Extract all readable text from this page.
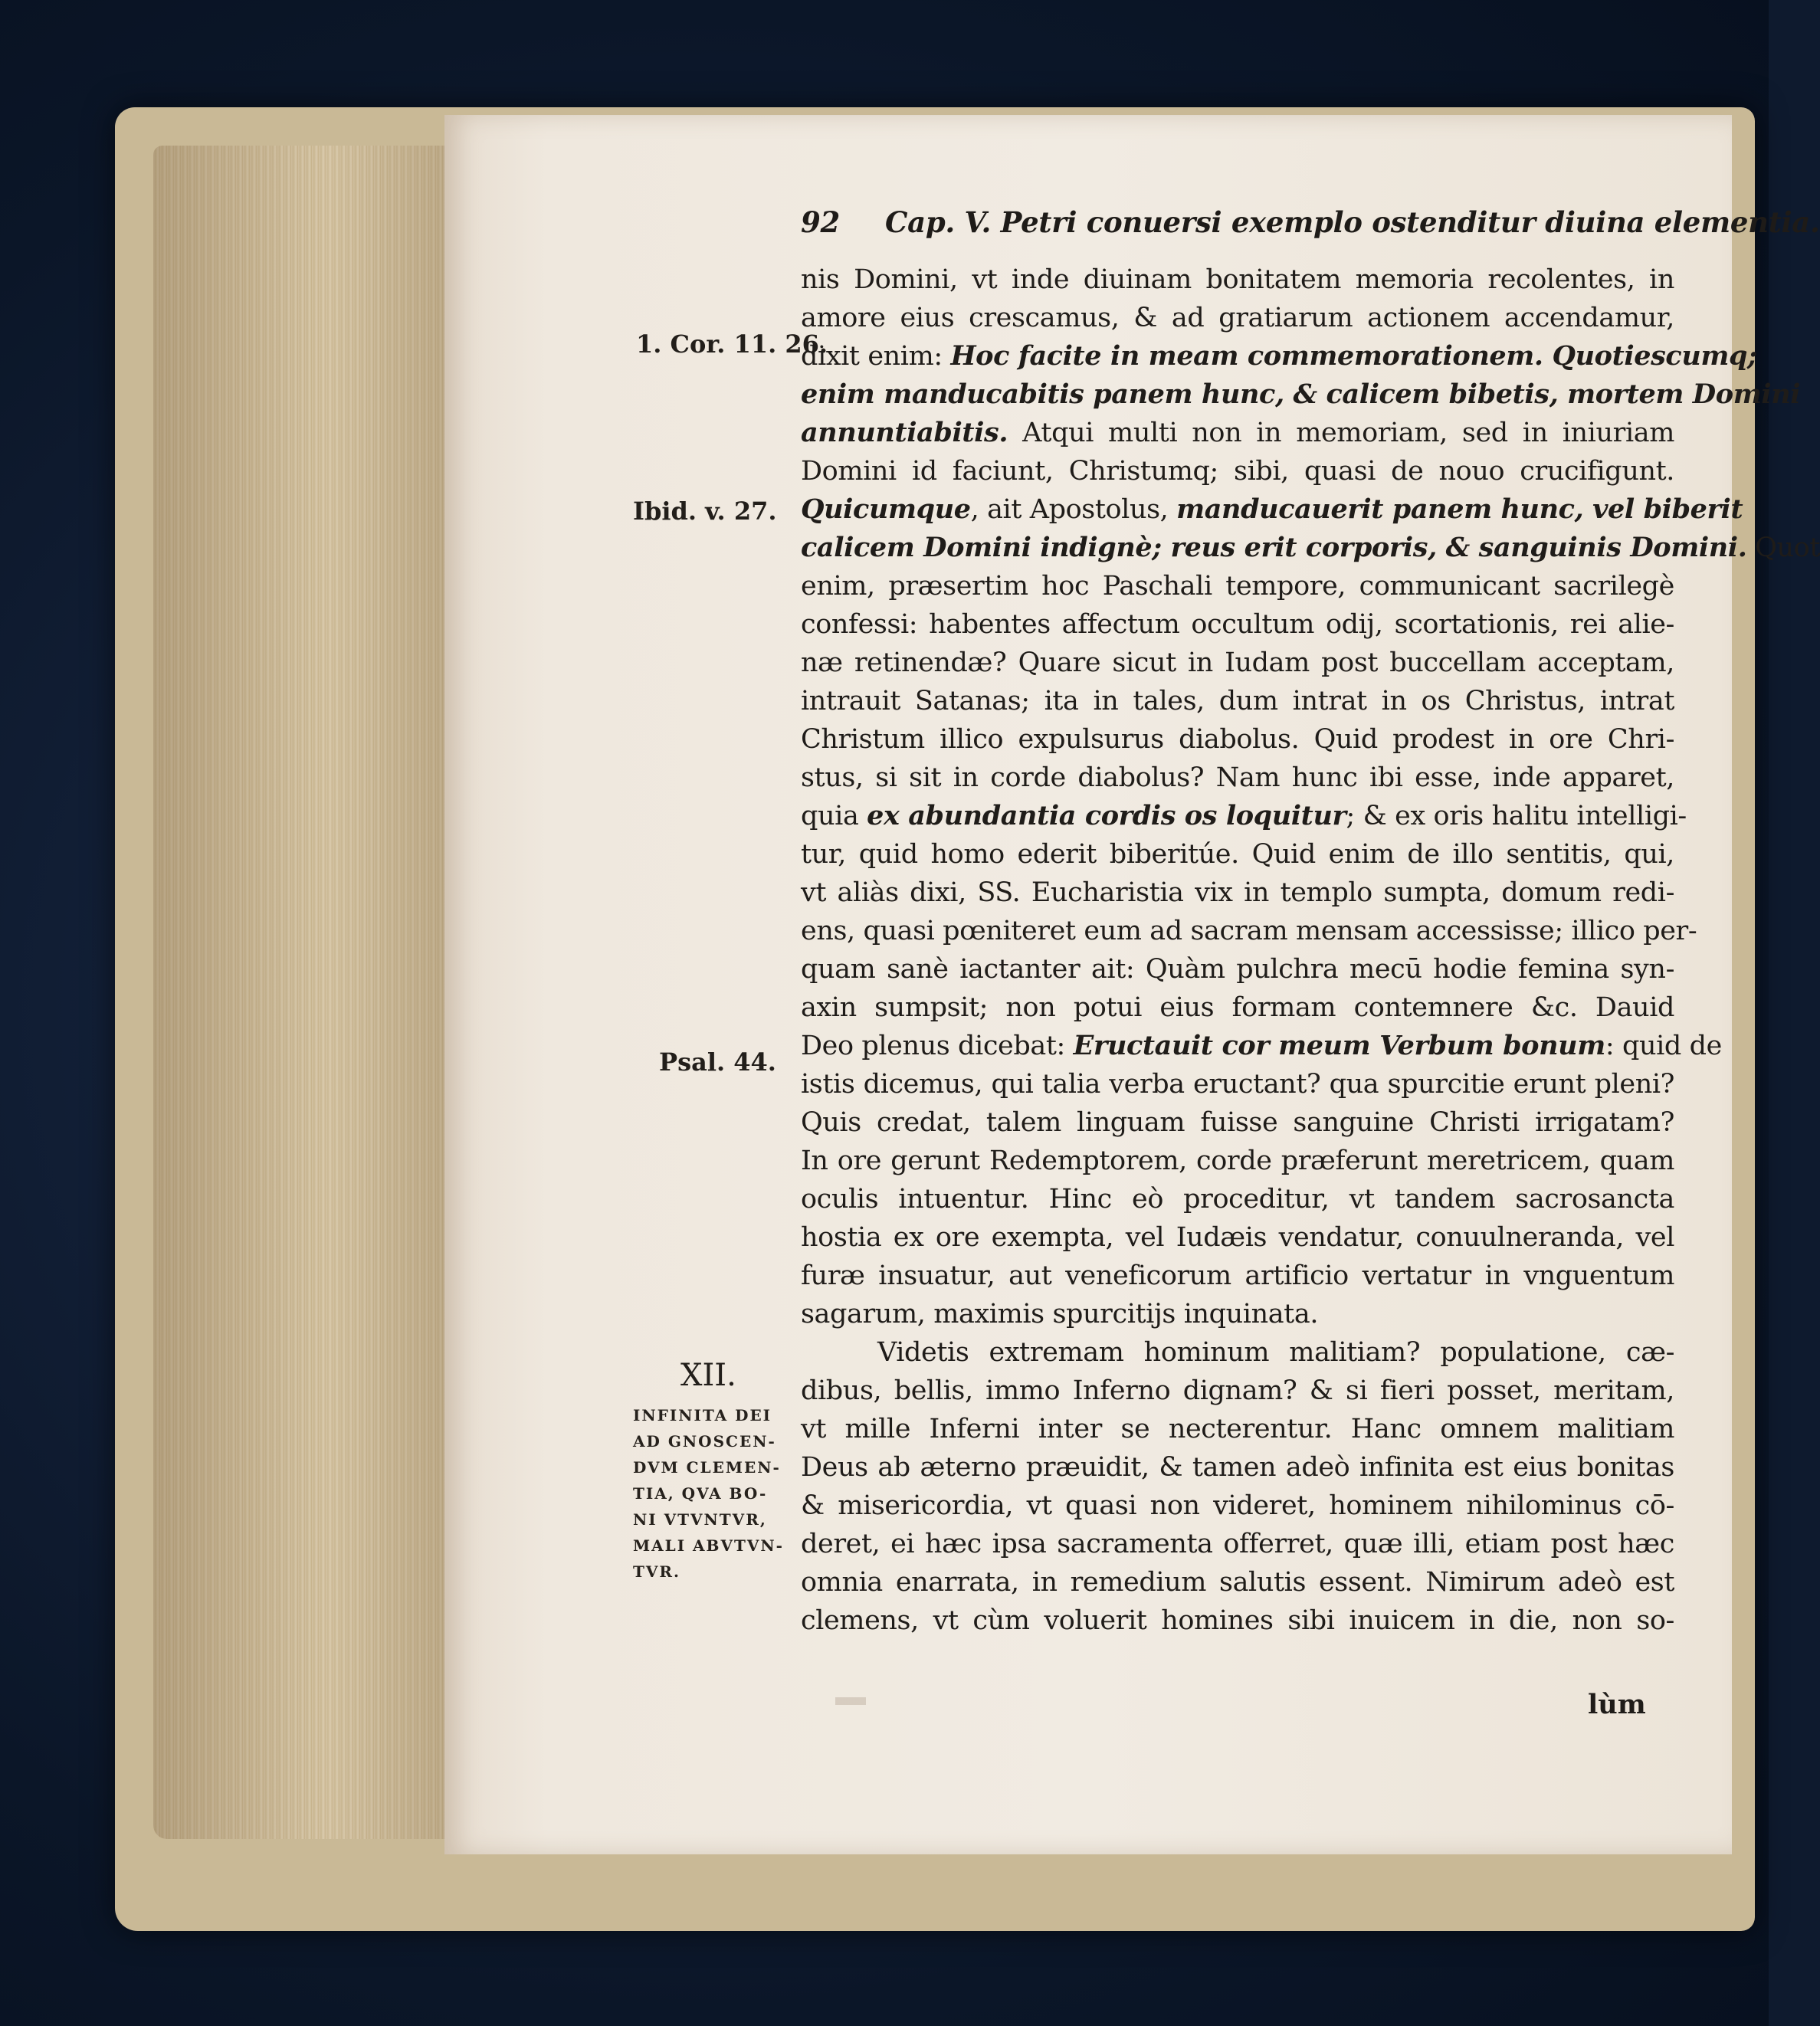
92 Cap. V. Petri conuersi exemplo ostenditur diuina elementia.
1. Cor. 11. 26.
Ibid. v. 27.
Psal. 44.
XII.
INFINITA DEI
AD GNOSCEN-
DVM CLEMEN-
TIA, QVA BO-
NI VTVNTVR,
MALI ABVTVN-
TVR.
nis Domini, vt inde diuinam bonitatem memoria recolentes, in
amore eius crescamus, & ad gratiarum actionem accendamur,
dixit enim: Hoc facite in meam commemorationem. Quotiescumq;
enim manducabitis panem hunc, & calicem bibetis, mortem Domini
annuntiabitis. Atqui multi non in memoriam, sed in iniuriam
Domini id faciunt, Christumq; sibi, quasi de nouo crucifigunt.
Quicumque, ait Apostolus, manducauerit panem hunc, vel biberit
calicem Domini indignè; reus erit corporis, & sanguinis Domini. Quot
enim, præsertim hoc Paschali tempore, communicant sacrilegè
confessi: habentes affectum occultum odij, scortationis, rei alie-
næ retinendæ? Quare sicut in Iudam post buccellam acceptam,
intrauit Satanas; ita in tales, dum intrat in os Christus, intrat
Christum illico expulsurus diabolus. Quid prodest in ore Chri-
stus, si sit in corde diabolus? Nam hunc ibi esse, inde apparet,
quia ex abundantia cordis os loquitur; & ex oris halitu intelligi-
tur, quid homo ederit biberitúe. Quid enim de illo sentitis, qui,
vt aliàs dixi, SS. Eucharistia vix in templo sumpta, domum redi-
ens, quasi pœniteret eum ad sacram mensam accessisse; illico per-
quam sanè iactanter ait: Quàm pulchra mecū hodie femina syn-
axin sumpsit; non potui eius formam contemnere &c. Dauid
Deo plenus dicebat: Eructauit cor meum Verbum bonum: quid de
istis dicemus, qui talia verba eructant? qua spurcitie erunt pleni?
Quis credat, talem linguam fuisse sanguine Christi irrigatam?
In ore gerunt Redemptorem, corde præferunt meretricem, quam
oculis intuentur. Hinc eò proceditur, vt tandem sacrosancta
hostia ex ore exempta, vel Iudæis vendatur, conuulneranda, vel
furæ insuatur, aut veneficorum artificio vertatur in vnguentum
sagarum, maximis spurcitijs inquinata.
Videtis extremam hominum malitiam? populatione, cæ-
dibus, bellis, immo Inferno dignam? & si fieri posset, meritam,
vt mille Inferni inter se necterentur. Hanc omnem malitiam
Deus ab æterno præuidit, & tamen adeò infinita est eius bonitas
& misericordia, vt quasi non videret, hominem nihilominus cō-
deret, ei hæc ipsa sacramenta offerret, quæ illi, etiam post hæc
omnia enarrata, in remedium salutis essent. Nimirum adeò est
clemens, vt cùm voluerit homines sibi inuicem in die, non so-
lùm
